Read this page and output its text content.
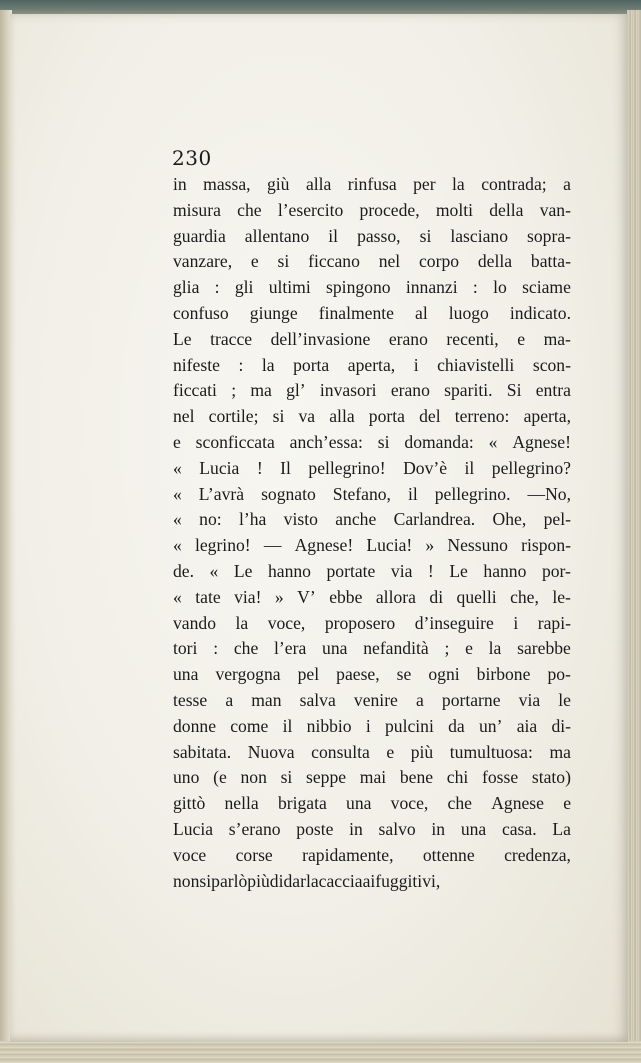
230

in massa, giù alla rinfusa per la contrada; a
misura che l’esercito procede, molti della van-
guardia allentano il passo, si lasciano sopra-
vanzare, e si ficcano nel corpo della batta-
glia : gli ultimi spingono innanzi : lo sciame
confuso giunge finalmente al luogo indicato.
Le tracce dell’invasione erano recenti, e ma-
nifeste : la porta aperta, i chiavistelli scon-
ficcati ; ma gl’ invasori erano spariti. Si entra
nel cortile; si va alla porta del terreno: aperta,
e sconficcata anch’essa: si domanda: « Agnese!
« Lucia ! Il pellegrino! Dov’è il pellegrino?
« L’avrà sognato Stefano, il pellegrino. —No,
« no: l’ha visto anche Carlandrea. Ohe, pel-
« legrino! — Agnese! Lucia! » Nessuno rispon-
de. « Le hanno portate via ! Le hanno por-
« tate via! » V’ ebbe allora di quelli che, le-
vando la voce, proposero d’inseguire i rapi-
tori : che l’era una nefandità ; e la sarebbe
una vergogna pel paese, se ogni birbone po-
tesse a man salva venire a portarne via le
donne come il nibbio i pulcini da un’ aia di-
sabitata. Nuova consulta e più tumultuosa: ma
uno (e non si seppe mai bene chi fosse stato)
gittò nella brigata una voce, che Agnese e
Lucia s’erano poste in salvo in una casa. La
voce corse rapidamente, ottenne credenza,
non si parlò più di dar la caccia ai fuggitivi,
